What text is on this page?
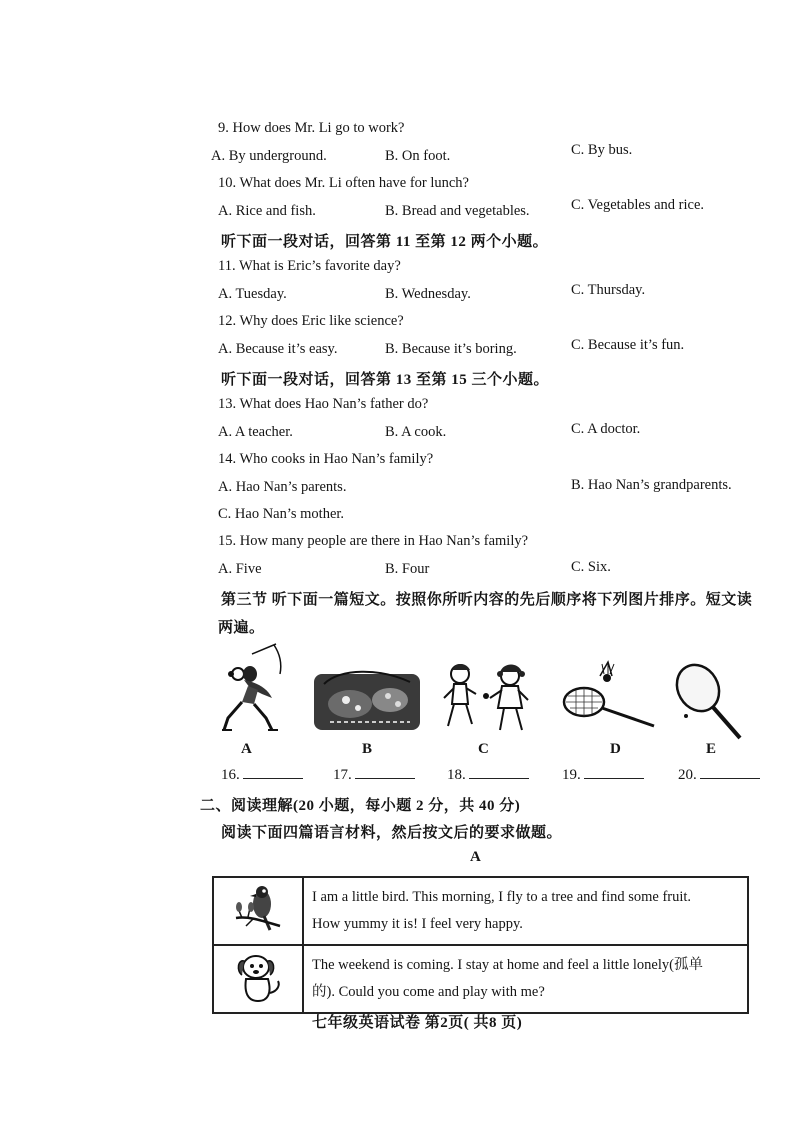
9. How does Mr. Li go to work?
A. By underground.	B. On foot.	C. By bus.
10. What does Mr. Li often have for lunch?
A. Rice and fish.	B. Bread and vegetables.	C. Vegetables and rice.
听下面一段对话，回答第 11 至第 12 两个小题。
11. What is Eric’s favorite day?
A. Tuesday.	B. Wednesday.	C. Thursday.
12. Why does Eric like science?
A. Because it’s easy.	B. Because it’s boring.	C. Because it’s fun.
听下面一段对话，回答第 13 至第 15 三个小题。
13. What does Hao Nan’s father do?
A. A teacher.	B. A cook.	C. A doctor.
14. Who cooks in Hao Nan’s family?
A. Hao Nan’s parents.	B. Hao Nan’s grandparents.
C. Hao Nan’s mother.
15. How many people are there in Hao Nan’s family?
A. Five	B. Four	C. Six.
第三节 听下面一篇短文。按照你所听内容的先后顺序将下列图片排序。短文读
两遍。
A	B	C	D	E
16.	17.	18.	19.	20.
二、阅读理解(20 小题，每小题 2 分，共 40 分)
阅读下面四篇语言材料，然后按文后的要求做题。
A

I am a little bird. This morning, I fly to a tree and find some fruit.
How yummy it is! I feel very happy.

The weekend is coming. I stay at home and feel a little lonely(孤单
的). Could you come and play with me?
七年级英语试卷 第2页( 共8 页)
